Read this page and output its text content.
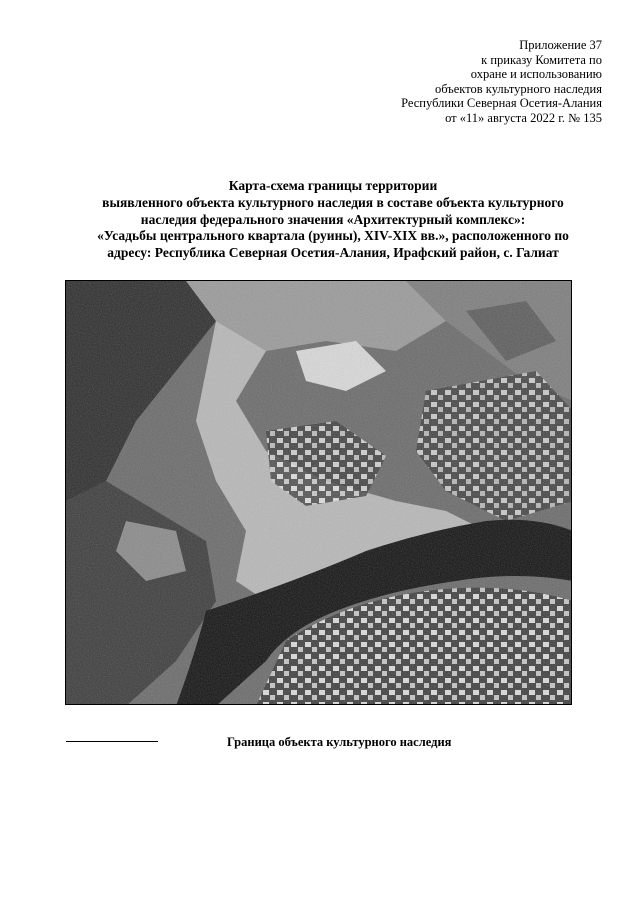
Приложение 37
к приказу Комитета по
охране и использованию
объектов культурного наследия
Республики Северная Осетия-Алания
от «11» августа 2022 г. № 135
Карта-схема границы территории
выявленного объекта культурного наследия в составе объекта культурного
наследия федерального значения «Архитектурный комплекс»:
«Усадьбы центрального квартала (руины), XIV-XIX вв.», расположенного по
адресу: Республика Северная Осетия-Алания, Ирафский район, с. Галиат
Граница объекта культурного наследия
